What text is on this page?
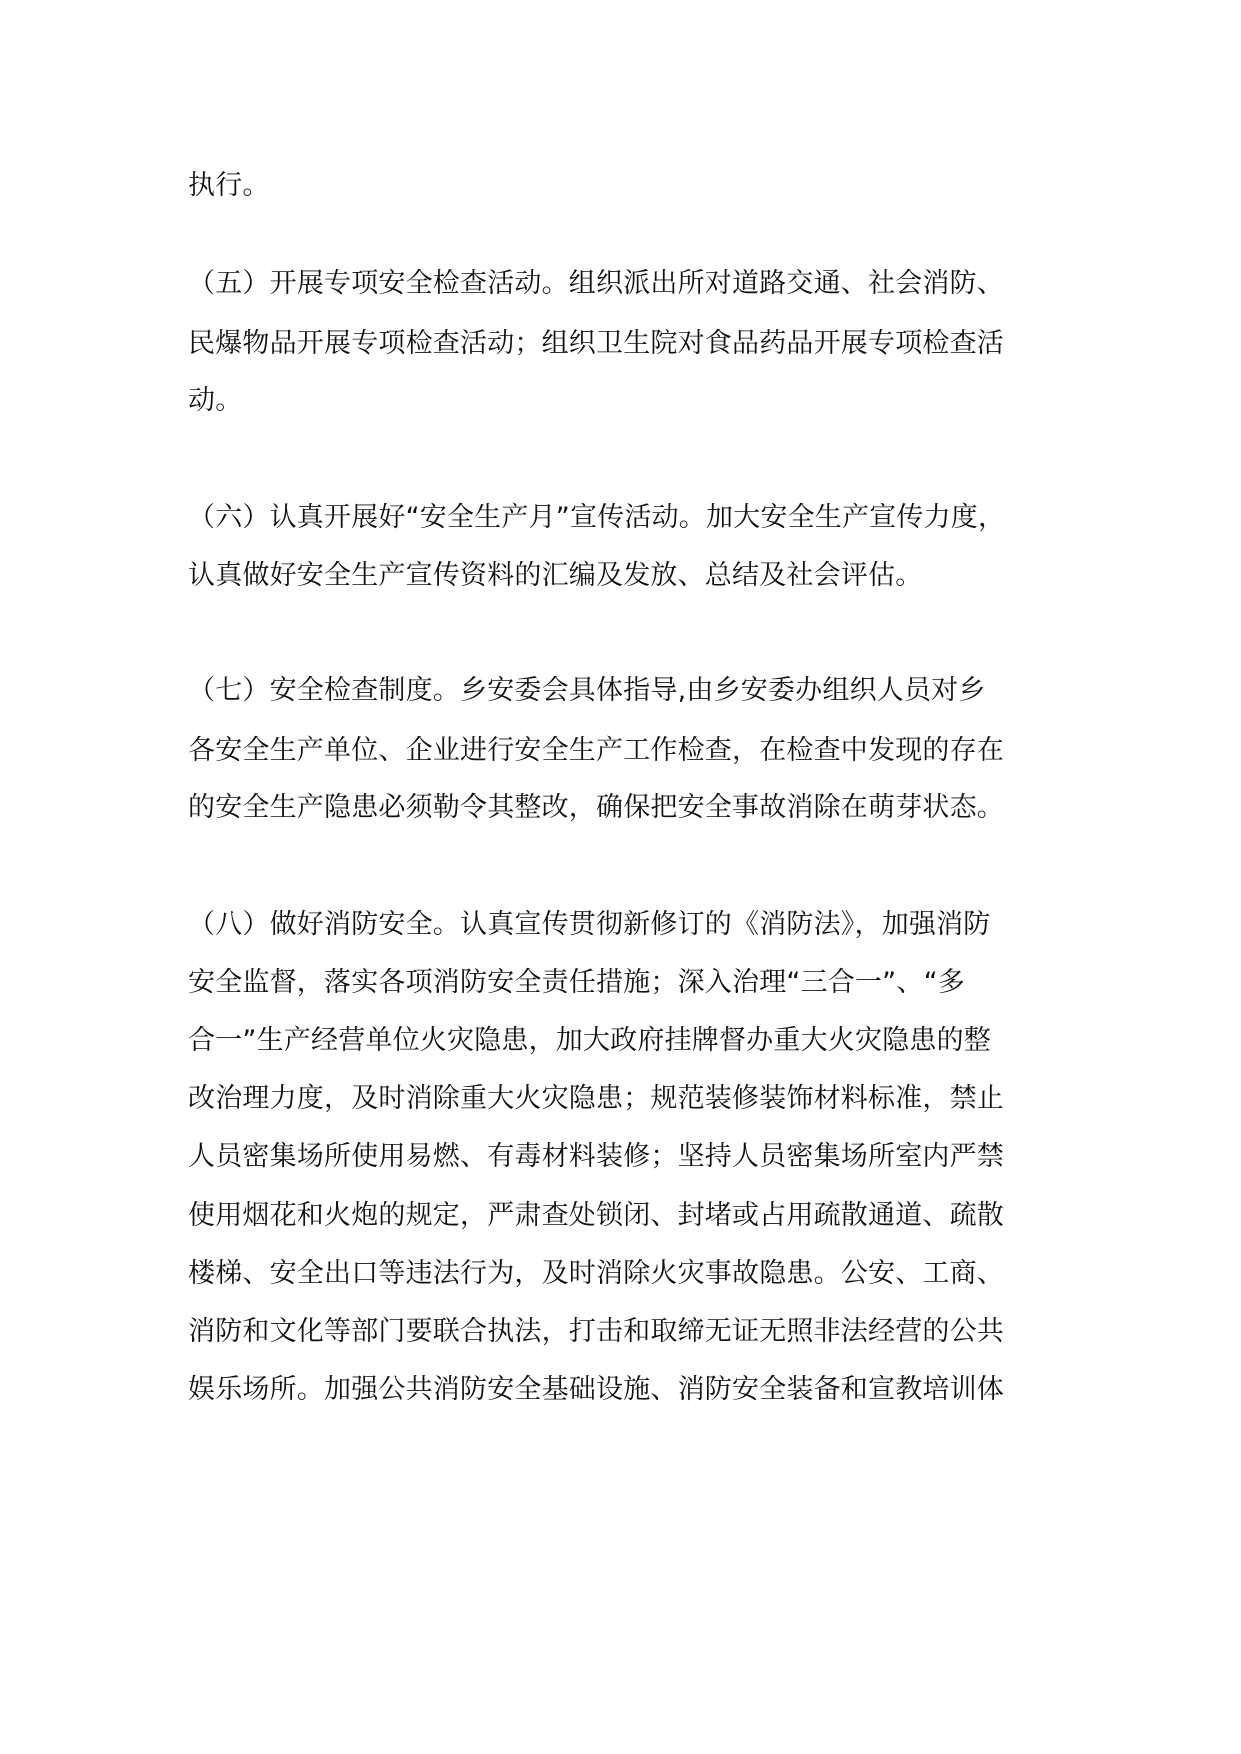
执行。
（五）开展专项安全检查活动。组织派出所对道路交通、社会消防、
民爆物品开展专项检查活动；组织卫生院对食品药品开展专项检查活
动。
（六）认真开展好“安全生产月”宣传活动。加大安全生产宣传力度，
认真做好安全生产宣传资料的汇编及发放、总结及社会评估。
（七）安全检查制度。乡安委会具体指导,由乡安委办组织人员对乡
各安全生产单位、企业进行安全生产工作检查，在检查中发现的存在
的安全生产隐患必须勒令其整改，确保把安全事故消除在萌芽状态。
（八）做好消防安全。认真宣传贯彻新修订的《消防法》，加强消防
安全监督，落实各项消防安全责任措施；深入治理“三合一”、“多
合一”生产经营单位火灾隐患，加大政府挂牌督办重大火灾隐患的整
改治理力度，及时消除重大火灾隐患；规范装修装饰材料标准，禁止
人员密集场所使用易燃、有毒材料装修；坚持人员密集场所室内严禁
使用烟花和火炮的规定，严肃查处锁闭、封堵或占用疏散通道、疏散
楼梯、安全出口等违法行为，及时消除火灾事故隐患。公安、工商、
消防和文化等部门要联合执法，打击和取缔无证无照非法经营的公共
娱乐场所。加强公共消防安全基础设施、消防安全装备和宣教培训体
